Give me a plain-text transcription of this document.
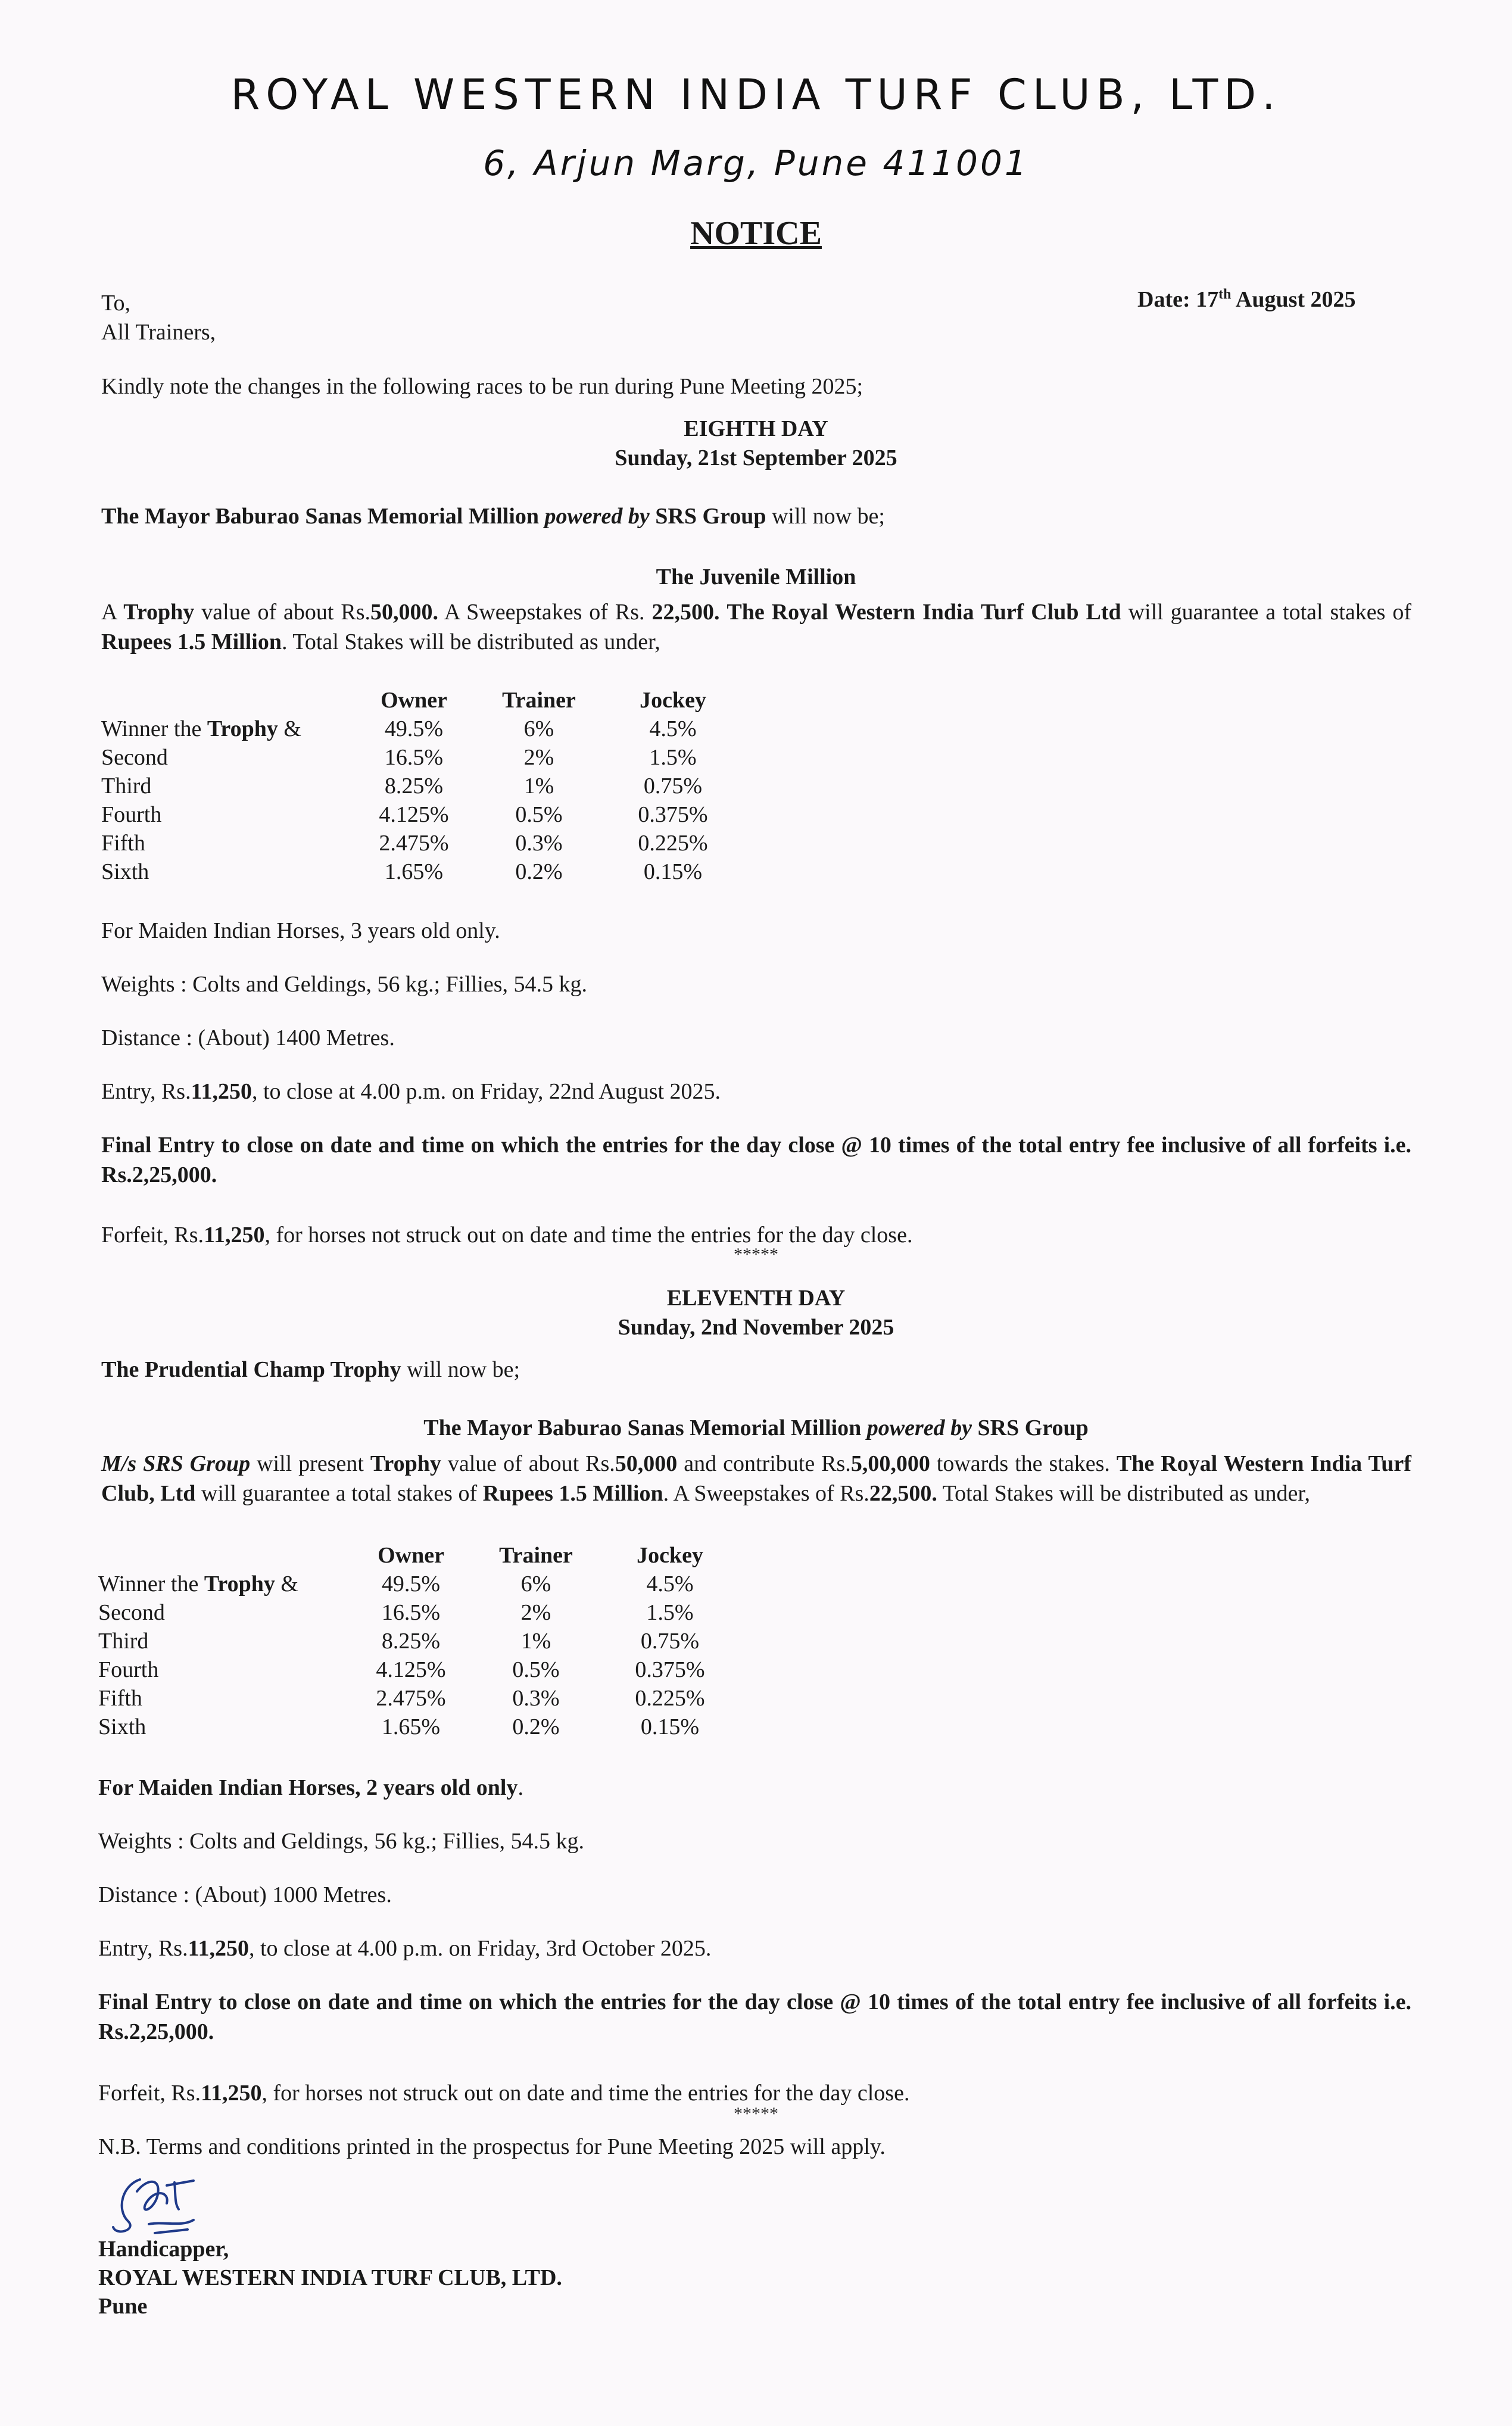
ROYAL WESTERN INDIA TURF CLUB, LTD.
6, Arjun Marg, Pune 411001
NOTICE
To,
All Trainers,
Date: 17th August 2025
Kindly note the changes in the following races to be run during Pune Meeting 2025;
EIGHTH DAY
Sunday, 21st September 2025
The Mayor Baburao Sanas Memorial Million powered by SRS Group will now be;
The Juvenile Million
A Trophy value of about Rs.50,000. A Sweepstakes of Rs. 22,500. The Royal Western India Turf Club Ltd will guarantee a total stakes of Rupees 1.5 Million. Total Stakes will be distributed as under,
	Owner	Trainer	Jockey
Winner the Trophy &	49.5%	6%	4.5%
Second	16.5%	2%	1.5%
Third	8.25%	1%	0.75%
Fourth	4.125%	0.5%	0.375%
Fifth	2.475%	0.3%	0.225%
Sixth	1.65%	0.2%	0.15%
For Maiden Indian Horses, 3 years old only.
Weights : Colts and Geldings, 56 kg.; Fillies, 54.5 kg.
Distance : (About) 1400 Metres.
Entry, Rs.11,250, to close at 4.00 p.m. on Friday, 22nd August 2025.
Final Entry to close on date and time on which the entries for the day close @ 10 times of the total entry fee inclusive of all forfeits i.e. Rs.2,25,000.
Forfeit, Rs.11,250, for horses not struck out on date and time the entries for the day close.
*****
ELEVENTH DAY
Sunday, 2nd November 2025
The Prudential Champ Trophy will now be;
The Mayor Baburao Sanas Memorial Million powered by SRS Group
M/s SRS Group will present Trophy value of about Rs.50,000 and contribute Rs.5,00,000 towards the stakes. The Royal Western India Turf Club, Ltd will guarantee a total stakes of Rupees 1.5 Million. A Sweepstakes of Rs.22,500. Total Stakes will be distributed as under,
	Owner	Trainer	Jockey
Winner the Trophy &	49.5%	6%	4.5%
Second	16.5%	2%	1.5%
Third	8.25%	1%	0.75%
Fourth	4.125%	0.5%	0.375%
Fifth	2.475%	0.3%	0.225%
Sixth	1.65%	0.2%	0.15%
For Maiden Indian Horses, 2 years old only.
Weights : Colts and Geldings, 56 kg.; Fillies, 54.5 kg.
Distance : (About) 1000 Metres.
Entry, Rs.11,250, to close at 4.00 p.m. on Friday, 3rd October 2025.
Final Entry to close on date and time on which the entries for the day close @ 10 times of the total entry fee inclusive of all forfeits i.e. Rs.2,25,000.
Forfeit, Rs.11,250, for horses not struck out on date and time the entries for the day close.
*****
N.B. Terms and conditions printed in the prospectus for Pune Meeting 2025 will apply.
Handicapper,
ROYAL WESTERN INDIA TURF CLUB, LTD.
Pune
